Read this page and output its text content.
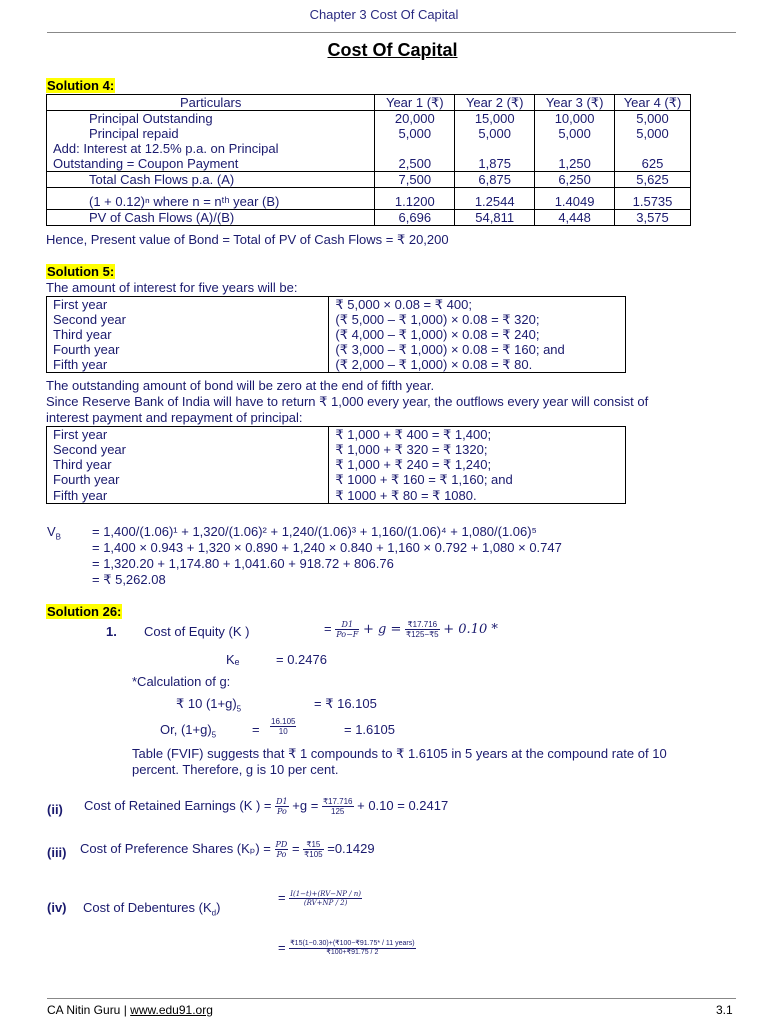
Chapter 3 Cost Of Capital
Cost Of Capital
Solution 4:
Particulars	Year 1 (₹)	Year 2 (₹)	Year 3 (₹)	Year 4 (₹)
Principal Outstanding	20,000	15,000	10,000	5,000
Principal repaid	5,000	5,000	5,000	5,000
Add: Interest at 12.5% p.a. on Principal				
Outstanding = Coupon Payment	2,500	1,875	1,250	625
Total Cash Flows p.a. (A)	7,500	6,875	6,250	5,625
(1 + 0.12)ⁿ where n = nᵗʰ year (B)	1.1200	1.2544	1.4049	1.5735
PV of Cash Flows (A)/(B)	6,696	54,811	4,448	3,575
Hence, Present value of Bond = Total of PV of Cash Flows = ₹ 20,200
Solution 5:
The amount of interest for five years will be:
First year	₹ 5,000 × 0.08 = ₹ 400;
Second year	(₹ 5,000 – ₹ 1,000) × 0.08 = ₹ 320;
Third year	(₹ 4,000 – ₹ 1,000) × 0.08 = ₹ 240;
Fourth year	(₹ 3,000 – ₹ 1,000) × 0.08 = ₹ 160; and
Fifth year	(₹ 2,000 – ₹ 1,000) × 0.08 = ₹ 80.
The outstanding amount of bond will be zero at the end of fifth year.
Since Reserve Bank of India will have to return ₹ 1,000 every year, the outflows every year will consist of
interest payment and repayment of principal:
First year	₹ 1,000 + ₹ 400 = ₹ 1,400;
Second year	₹ 1,000 + ₹ 320 = ₹ 1320;
Third year	₹ 1,000 + ₹ 240 = ₹ 1,240;
Fourth year	₹ 1000 + ₹ 160 = ₹ 1,160; and
Fifth year	₹ 1000 + ₹ 80 = ₹ 1080.
$V_B = 1,400/(1.06)^1 + 1,320/(1.06)^2 + 1,240/(1.06)^3 + 1,160/(1.06)^4 + 1,080/(1.06)^5$
= 1,400 × 0.943 + 1,320 × 0.890 + 1,240 × 0.840 + 1,160 × 0.792 + 1,080 × 0.747
= 1,320.20 + 1,174.80 + 1,041.60 + 918.72 + 806.76
= ₹ 5,262.08
Solution 26:
1. Cost of Equity (K )	= $\frac{D1}{Po-F} + g = \frac{₹17.716}{₹125-₹5} + 0.10$ *
Kₑ	= 0.2476
*Calculation of g:
₹ 10 $(1+g)_5$	= ₹ 16.105
Or, $(1+g)_5$	= $\frac{16.105}{10}$	= 1.6105
Table (FVIF) suggests that ₹ 1 compounds to ₹ 1.6105 in 5 years at the compound rate of 10
percent. Therefore, g is 10 per cent.
(ii) Cost of Retained Earnings (K ) = $\frac{D1}{Po} +g = \frac{₹17.716}{125} + 0.10 = 0.2417$
(iii) Cost of Preference Shares $(K_p) = \frac{PD}{Po} = \frac{₹15}{₹105} =0.1429$
(iv) Cost of Debentures $(K_d)$
= $\frac{I(1-t)+(RV-NP / n)}{(RV+NP / 2)}$
= $\frac{\text{₹15(1−0.30)+(₹100−₹91.75* / 11 years)}}{₹100+₹91.75 / 2}$
CA Nitin Guru | www.edu91.org	3.1
